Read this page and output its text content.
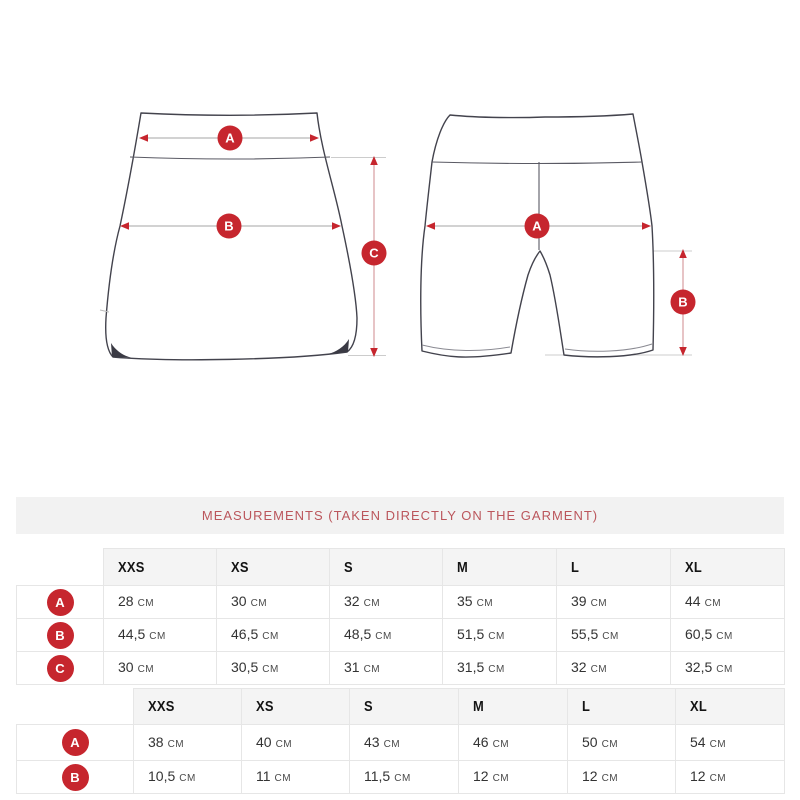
A
B
C
A
B
MEASUREMENTS (TAKEN DIRECTLY ON THE GARMENT)
	XXS	XS	S	M	L	XL
A	28 CM	30 CM	32 CM	35 CM	39 CM	44 CM
B	44,5 CM	46,5 CM	48,5 CM	51,5 CM	55,5 CM	60,5 CM
C	30 CM	30,5 CM	31 CM	31,5 CM	32 CM	32,5 CM
	XXS	XS	S	M	L	XL
A	38 CM	40 CM	43 CM	46 CM	50 CM	54 CM
B	10,5 CM	11 CM	11,5 CM	12 CM	12 CM	12 CM
